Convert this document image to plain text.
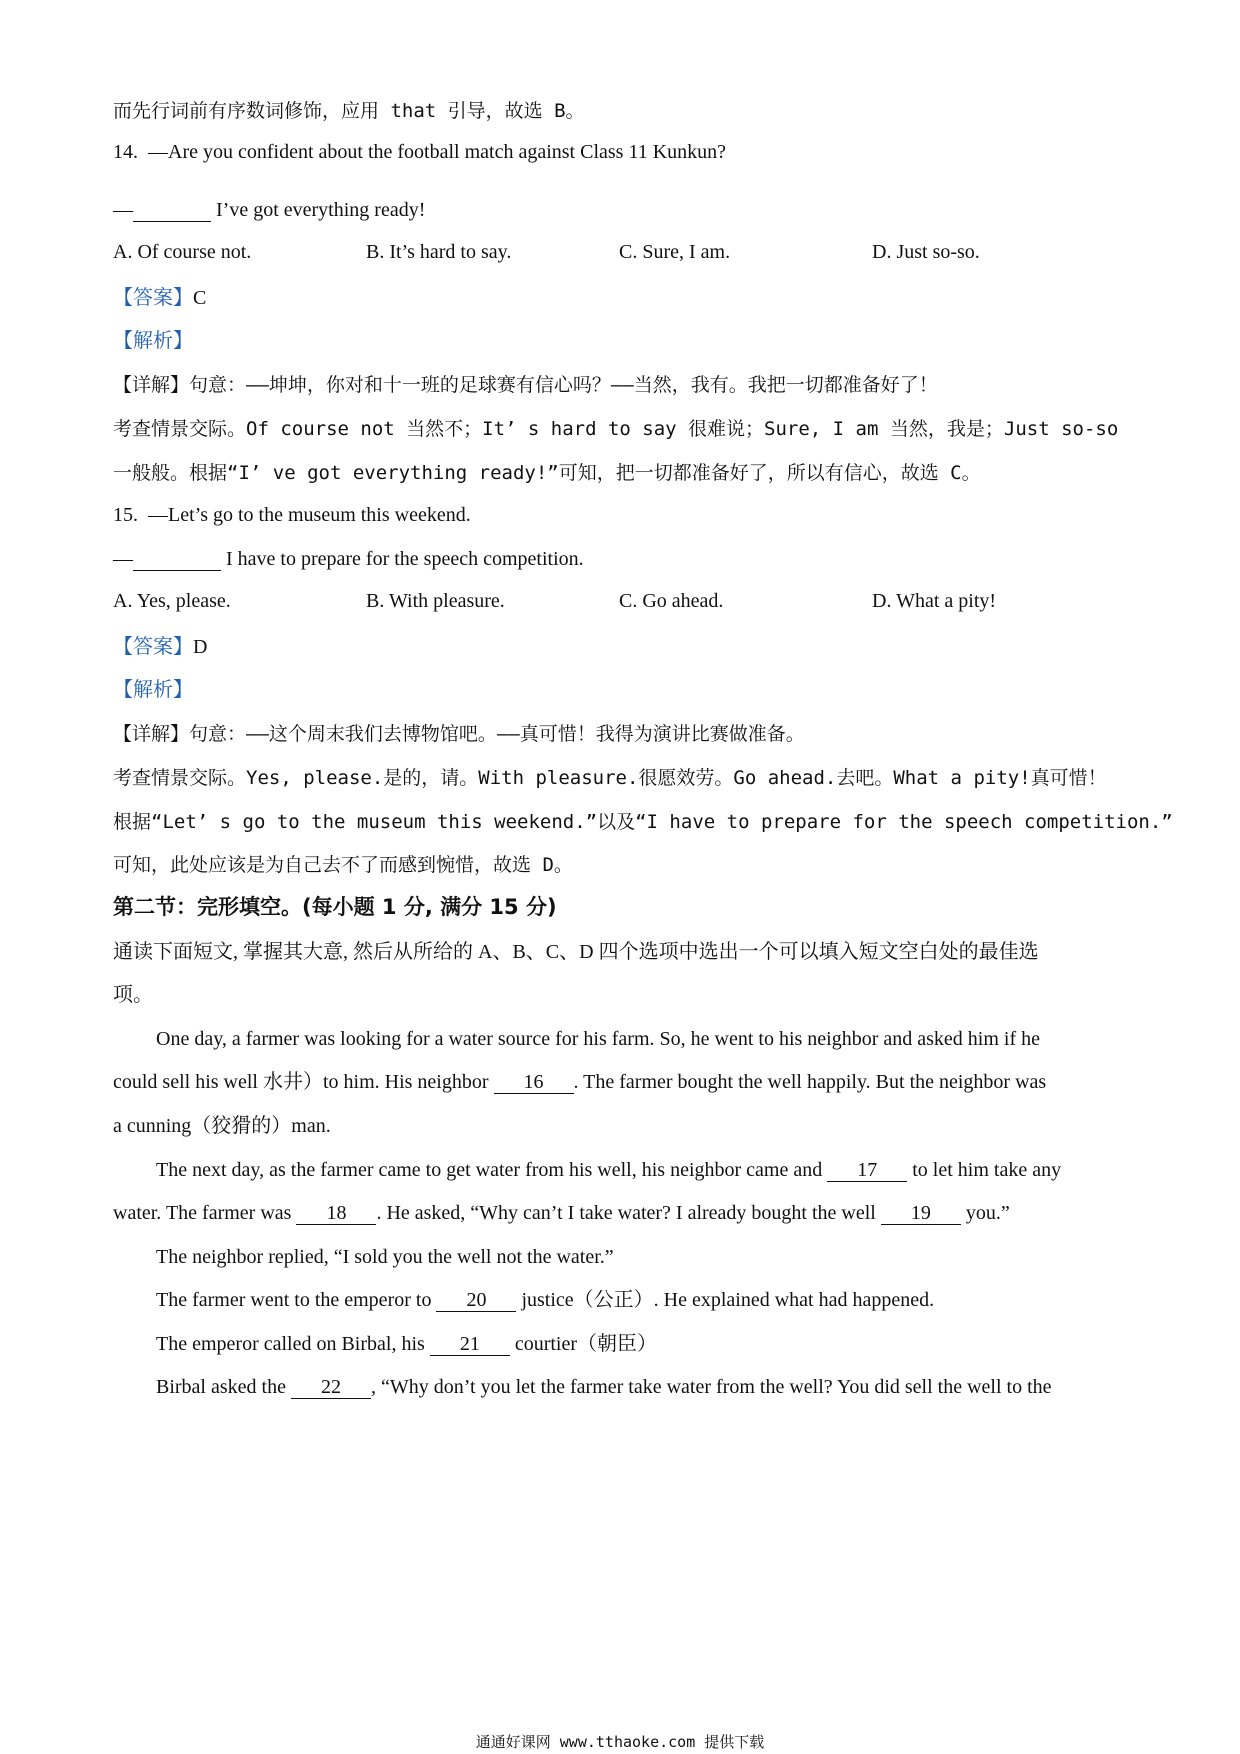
而先行词前有序数词修饰，应用 that 引导，故选 B。
14. —Are you confident about the football match against Class 11 Kunkun?
—	I’ve got everything ready!
A. Of course not.	B. It’s hard to say.	C. Sure, I am.	D. Just so-so.
【答案】C
【解析】
【详解】句意：——坤坤，你对和十一班的足球赛有信心吗？——当然，我有。我把一切都准备好了！
考查情景交际。Of course not 当然不；It’ s hard to say 很难说；Sure, I am 当然，我是；Just so-so
一般般。根据“I’ ve got everything ready!”可知，把一切都准备好了，所以有信心，故选 C。
15. —Let’s go to the museum this weekend.
—	I have to prepare for the speech competition.
A. Yes, please.	B. With pleasure.	C. Go ahead.	D. What a pity!
【答案】D
【解析】
【详解】句意：——这个周末我们去博物馆吧。——真可惜！我得为演讲比赛做准备。
考查情景交际。Yes, please.是的，请。With pleasure.很愿效劳。Go ahead.去吧。What a pity!真可惜！
根据“Let’ s go to the museum this weekend.”以及“I have to prepare for the speech competition.”
可知，此处应该是为自己去不了而感到惋惜，故选 D。
第二节：完形填空。(每小题 1 分, 满分 15 分)
通读下面短文, 掌握其大意, 然后从所给的 A、B、C、D 四个选项中选出一个可以填入短文空白处的最佳选
项。
One day, a farmer was looking for a water source for his farm. So, he went to his neighbor and asked him if he
could sell his well 水井）to him. His neighbor 16 . The farmer bought the well happily. But the neighbor was
a cunning（狡猾的）man.
The next day, as the farmer came to get water from his well, his neighbor came and 17 to let him take any
water. The farmer was 18 . He asked, “Why can’t I take water? I already bought the well 19 you.”
The neighbor replied, “I sold you the well not the water.”
The farmer went to the emperor to 20 justice（公正）. He explained what had happened.
The emperor called on Birbal, his 21 courtier（朝臣）
Birbal asked the 22 , “Why don’t you let the farmer take water from the well? You did sell the well to the
通通好课网 www.tthaoke.com 提供下载
